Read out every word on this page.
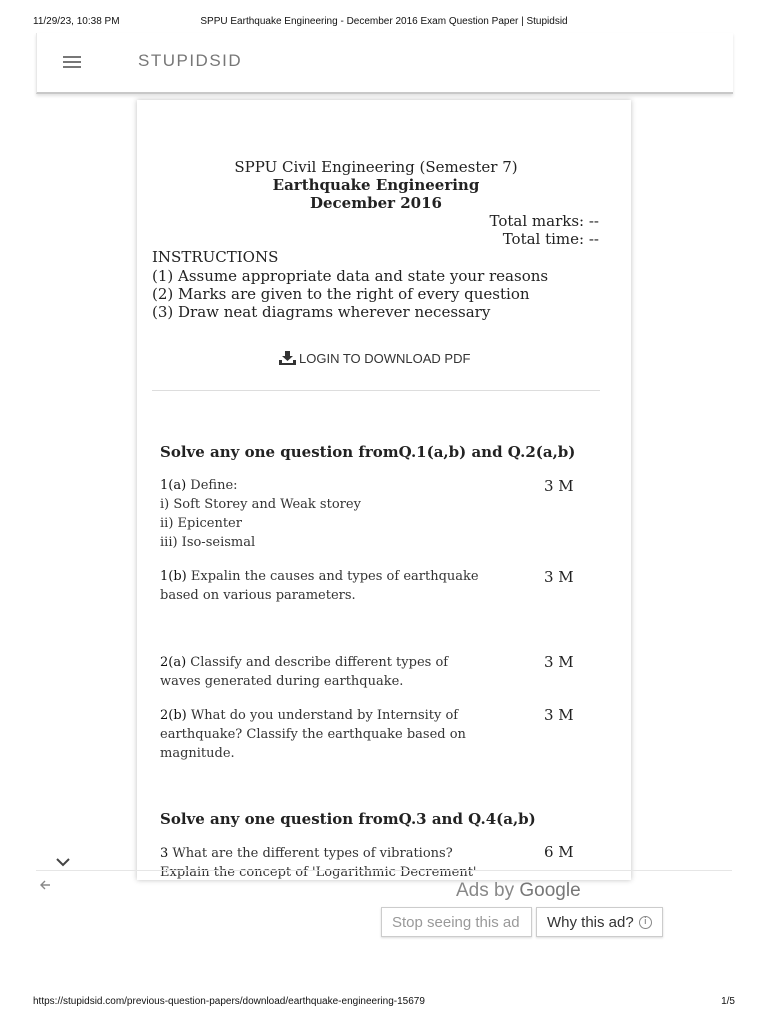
11/29/23, 10:38 PM	SPPU Earthquake Engineering - December 2016 Exam Question Paper | Stupidsid
STUPIDSID
SPPU Civil Engineering (Semester 7)
Earthquake Engineering
December 2016
Total marks: --
Total time: --
INSTRUCTIONS
(1) Assume appropriate data and state your reasons
(2) Marks are given to the right of every question
(3) Draw neat diagrams wherever necessary
LOGIN TO DOWNLOAD PDF
Solve any one question fromQ.1(a,b) and Q.2(a,b)
1(a) Define:
i) Soft Storey and Weak storey
ii) Epicenter
iii) Iso-seismal
3 M
1(b) Expalin the causes and types of earthquake based on various parameters.
3 M
2(a) Classify and describe different types of waves generated during earthquake.
3 M
2(b) What do you understand by Internsity of earthquake? Classify the earthquake based on magnitude.
3 M
Solve any one question fromQ.3 and Q.4(a,b)
3 What are the different types of vibrations? Explain the concept of 'Logarithmic Decrement'
6 M
Ads by Google
Stop seeing this ad Why this ad?	i
https://stupidsid.com/previous-question-papers/download/earthquake-engineering-15679	1/5
